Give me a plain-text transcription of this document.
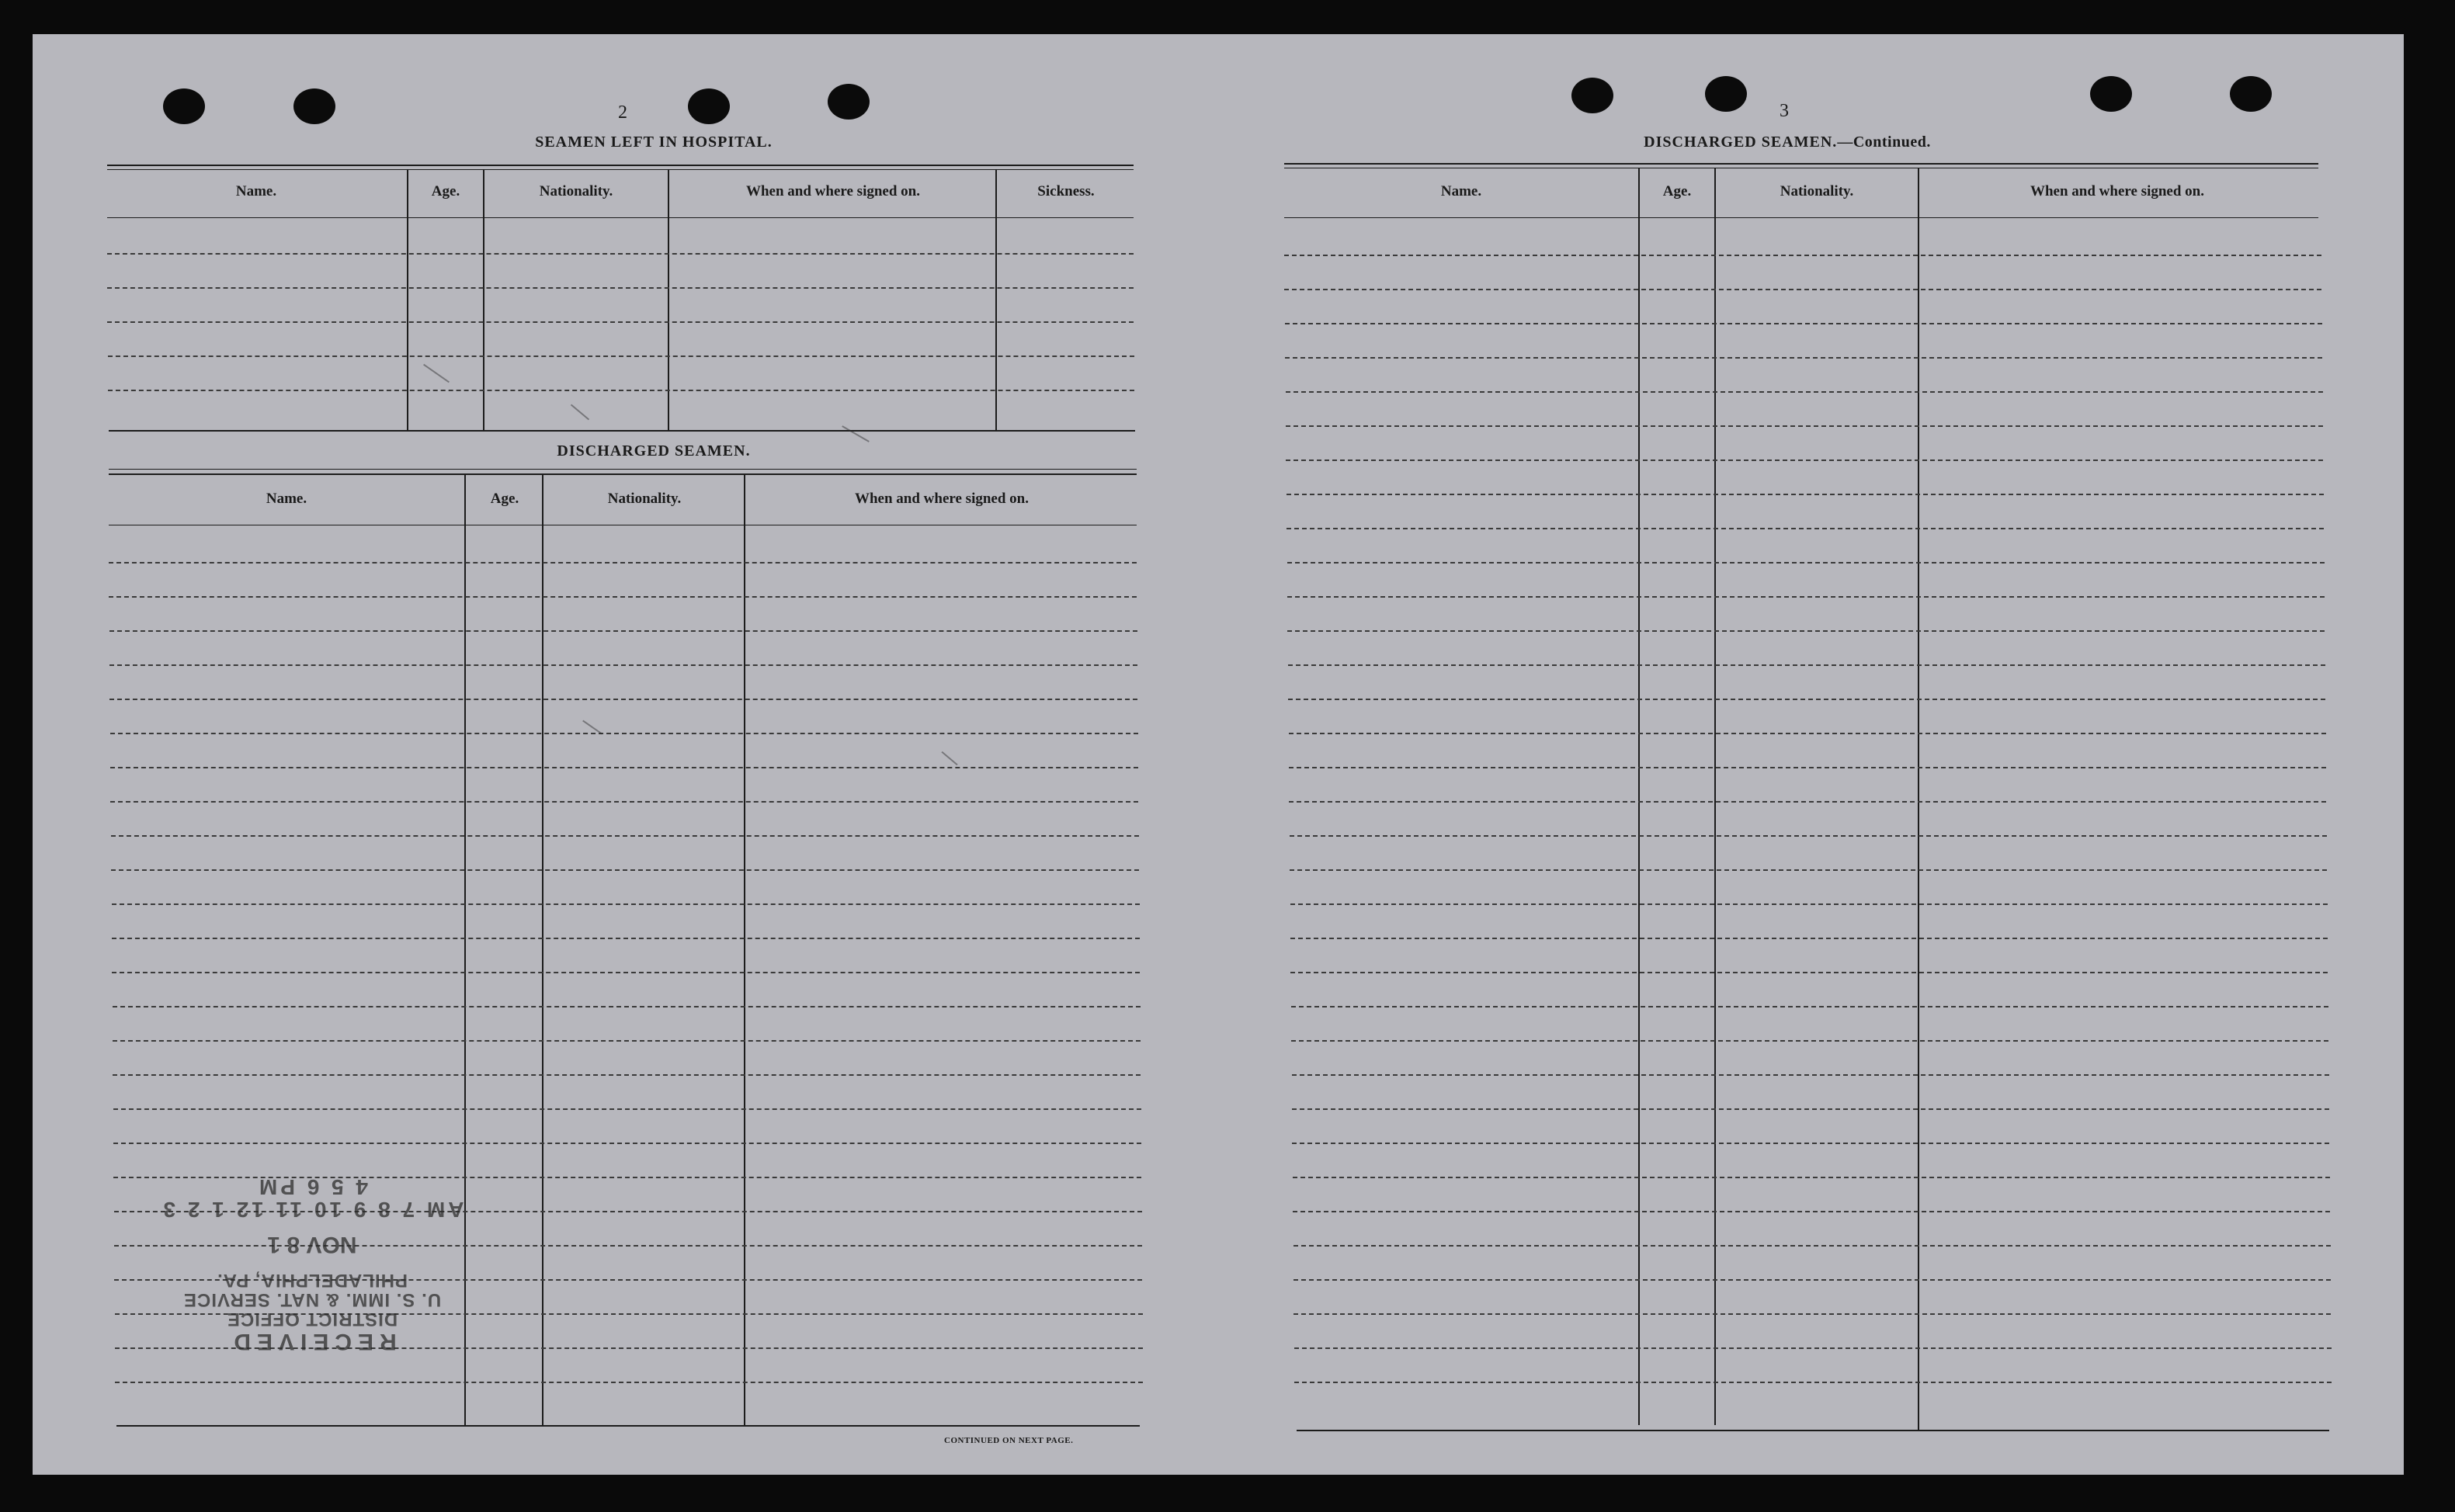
2
SEAMEN LEFT IN HOSPITAL.
Name.	Age.	Nationality.	When and where signed on.	Sickness.
DISCHARGED SEAMEN.
Name.	Age.	Nationality.	When and where signed on.
CONTINUED ON NEXT PAGE.
RECEIVED
DISTRICT OFFICE
U. S. IMM. & NAT. SERVICE
PHILADELPHIA, PA.
NOV 8 1
AM 7 8 9 10 11 12 1 2 3 4 5 6 PM
3
DISCHARGED SEAMEN.—Continued.
Name.	Age.	Nationality.	When and where signed on.
